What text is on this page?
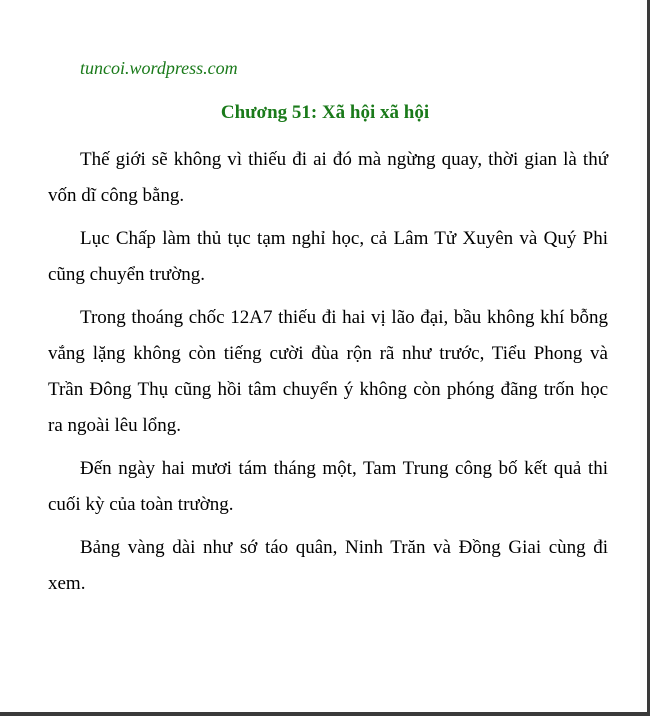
tuncoi.wordpress.com

Chương 51: Xã hội xã hội

Thế giới sẽ không vì thiếu đi ai đó mà ngừng quay, thời gian là thứ vốn dĩ công bằng.

Lục Chấp làm thủ tục tạm nghỉ học, cả Lâm Tử Xuyên và Quý Phi cũng chuyển trường.

Trong thoáng chốc 12A7 thiếu đi hai vị lão đại, bầu không khí bỗng vắng lặng không còn tiếng cười đùa rộn rã như trước, Tiểu Phong và Trần Đông Thụ cũng hồi tâm chuyển ý không còn phóng đãng trốn học ra ngoài lêu lổng.

Đến ngày hai mươi tám tháng một, Tam Trung công bố kết quả thi cuối kỳ của toàn trường.

Bảng vàng dài như sớ táo quân, Ninh Trăn và Đồng Giai cùng đi xem.
